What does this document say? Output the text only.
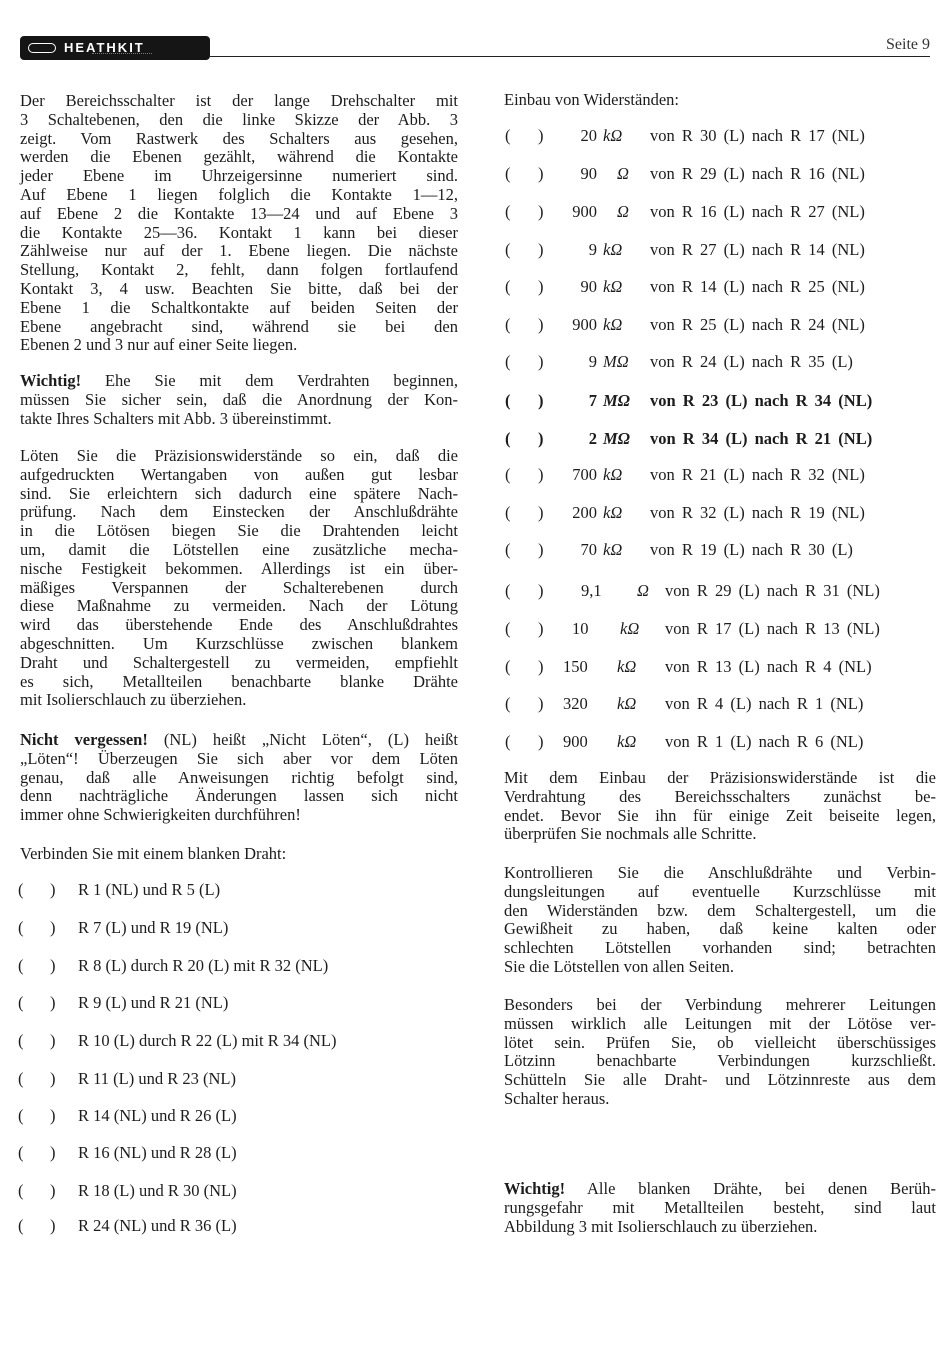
HEATHKIT	Seite 9
Der Bereichsschalter ist der lange Drehschalter mit
3 Schaltebenen, den die linke Skizze der Abb. 3
zeigt. Vom Rastwerk des Schalters aus gesehen,
werden die Ebenen gezählt, während die Kontakte
jeder Ebene im Uhrzeigersinne numeriert sind.
Auf Ebene 1 liegen folglich die Kontakte 1—12,
auf Ebene 2 die Kontakte 13—24 und auf Ebene 3
die Kontakte 25—36. Kontakt 1 kann bei dieser
Zählweise nur auf der 1. Ebene liegen. Die nächste
Stellung, Kontakt 2, fehlt, dann folgen fortlaufend
Kontakt 3, 4 usw. Beachten Sie bitte, daß bei der
Ebene 1 die Schaltkontakte auf beiden Seiten der
Ebene angebracht sind, während sie bei den
Ebenen 2 und 3 nur auf einer Seite liegen.
Wichtig! Ehe Sie mit dem Verdrahten beginnen,
müssen Sie sicher sein, daß die Anordnung der Kon-
takte Ihres Schalters mit Abb. 3 übereinstimmt.
Löten Sie die Präzisionswiderstände so ein, daß die
aufgedruckten Wertangaben von außen gut lesbar
sind. Sie erleichtern sich dadurch eine spätere Nach-
prüfung. Nach dem Einstecken der Anschlußdrähte
in die Lötösen biegen Sie die Drahtenden leicht
um, damit die Lötstellen eine zusätzliche mecha-
nische Festigkeit bekommen. Allerdings ist ein über-
mäßiges Verspannen der Schalterebenen durch
diese Maßnahme zu vermeiden. Nach der Lötung
wird das überstehende Ende des Anschlußdrahtes
abgeschnitten. Um Kurzschlüsse zwischen blankem
Draht und Schaltergestell zu vermeiden, empfiehlt
es sich, Metallteilen benachbarte blanke Drähte
mit Isolierschlauch zu überziehen.
Nicht vergessen! (NL) heißt „Nicht Löten“, (L) heißt
„Löten“! Überzeugen Sie sich aber vor dem Löten
genau, daß alle Anweisungen richtig befolgt sind,
denn nachträgliche Änderungen lassen sich nicht
immer ohne Schwierigkeiten durchführen!
Verbinden Sie mit einem blanken Draht:
( ) R 1 (NL) und R 5 (L)
( ) R 7 (L) und R 19 (NL)
( ) R 8 (L) durch R 20 (L) mit R 32 (NL)
( ) R 9 (L) und R 21 (NL)
( ) R 10 (L) durch R 22 (L) mit R 34 (NL)
( ) R 11 (L) und R 23 (NL)
( ) R 14 (NL) und R 26 (L)
( ) R 16 (NL) und R 28 (L)
( ) R 18 (L) und R 30 (NL)
( ) R 24 (NL) und R 36 (L)
Einbau von Widerständen:
( ) 20 kΩ von R 30 (L) nach R 17 (NL)
( ) 90 Ω von R 29 (L) nach R 16 (NL)
( ) 900 Ω von R 16 (L) nach R 27 (NL)
( )	9 kΩ von R 27 (L) nach R 14 (NL)
( ) 90 kΩ von R 14 (L) nach R 25 (NL)
( ) 900 kΩ von R 25 (L) nach R 24 (NL)
( )	9 MΩ von R 24 (L) nach R 35 (L)
( )	7 MΩ von R 23 (L) nach R 34 (NL)
( )	2 MΩ von R 34 (L) nach R 21 (NL)
( ) 700 kΩ von R 21 (L) nach R 32 (NL)
( ) 200 kΩ von R 32 (L) nach R 19 (NL)
( ) 70 kΩ von R 19 (L) nach R 30 (L)
( ) 9,1 Ω von R 29 (L) nach R 31 (NL)
( ) 10 kΩ von R 17 (L) nach R 13 (NL)
( ) 150 kΩ von R 13 (L) nach R 4 (NL)
( ) 320 kΩ von R 4 (L) nach R 1 (NL)
( ) 900 kΩ von R 1 (L) nach R 6 (NL)
Mit dem Einbau der Präzisionswiderstände ist die
Verdrahtung des Bereichsschalters zunächst be-
endet. Bevor Sie ihn für einige Zeit beiseite legen,
überprüfen Sie nochmals alle Schritte.
Kontrollieren Sie die Anschlußdrähte und Verbin-
dungsleitungen auf eventuelle Kurzschlüsse mit
den Widerständen bzw. dem Schaltergestell, um die
Gewißheit zu haben, daß keine kalten oder
schlechten Lötstellen vorhanden sind; betrachten
Sie die Lötstellen von allen Seiten.
Besonders bei der Verbindung mehrerer Leitungen
müssen wirklich alle Leitungen mit der Lötöse ver-
lötet sein. Prüfen Sie, ob vielleicht überschüssiges
Lötzinn benachbarte Verbindungen kurzschließt.
Schütteln Sie alle Draht- und Lötzinnreste aus dem
Schalter heraus.
Wichtig! Alle blanken Drähte, bei denen Berüh-
rungsgefahr mit Metallteilen besteht, sind laut
Abbildung 3 mit Isolierschlauch zu überziehen.
